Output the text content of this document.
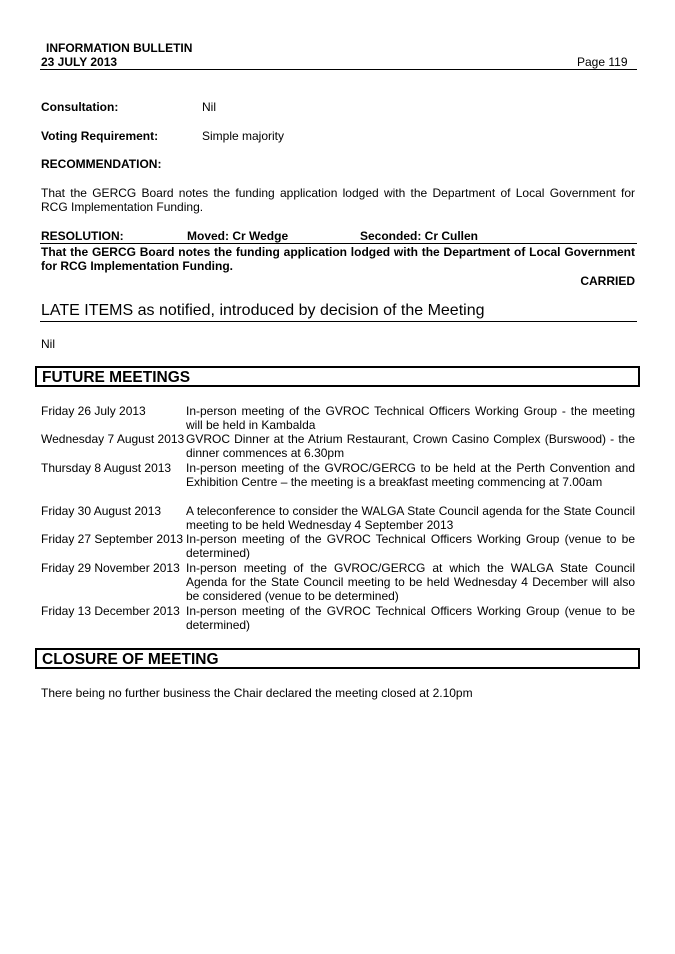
INFORMATION BULLETIN
23 JULY 2013	Page 119
Consultation:	Nil
Voting Requirement:	Simple majority
RECOMMENDATION:
That the GERCG Board notes the funding application lodged with the Department of Local Government for RCG Implementation Funding.
RESOLUTION:	Moved: Cr Wedge	Seconded: Cr Cullen
That the GERCG Board notes the funding application lodged with the Department of Local Government for RCG Implementation Funding.
CARRIED
LATE ITEMS as notified, introduced by decision of the Meeting
Nil
FUTURE MEETINGS
Friday 26 July 2013	In-person meeting of the GVROC Technical Officers Working Group - the meeting will be held in Kambalda
Wednesday 7 August 2013 GVROC Dinner at the Atrium Restaurant, Crown Casino Complex (Burswood) - the dinner commences at 6.30pm
Thursday 8 August 2013 In-person meeting of the GVROC/GERCG to be held at the Perth Convention and Exhibition Centre – the meeting is a breakfast meeting commencing at 7.00am
Friday 30 August 2013 A teleconference to consider the WALGA State Council agenda for the State Council meeting to be held Wednesday 4 September 2013
Friday 27 September 2013 In-person meeting of the GVROC Technical Officers Working Group (venue to be determined)
Friday 29 November 2013 In-person meeting of the GVROC/GERCG at which the WALGA State Council Agenda for the State Council meeting to be held Wednesday 4 December will also be considered (venue to be determined)
Friday 13 December 2013 In-person meeting of the GVROC Technical Officers Working Group (venue to be determined)
CLOSURE OF MEETING
There being no further business the Chair declared the meeting closed at 2.10pm
